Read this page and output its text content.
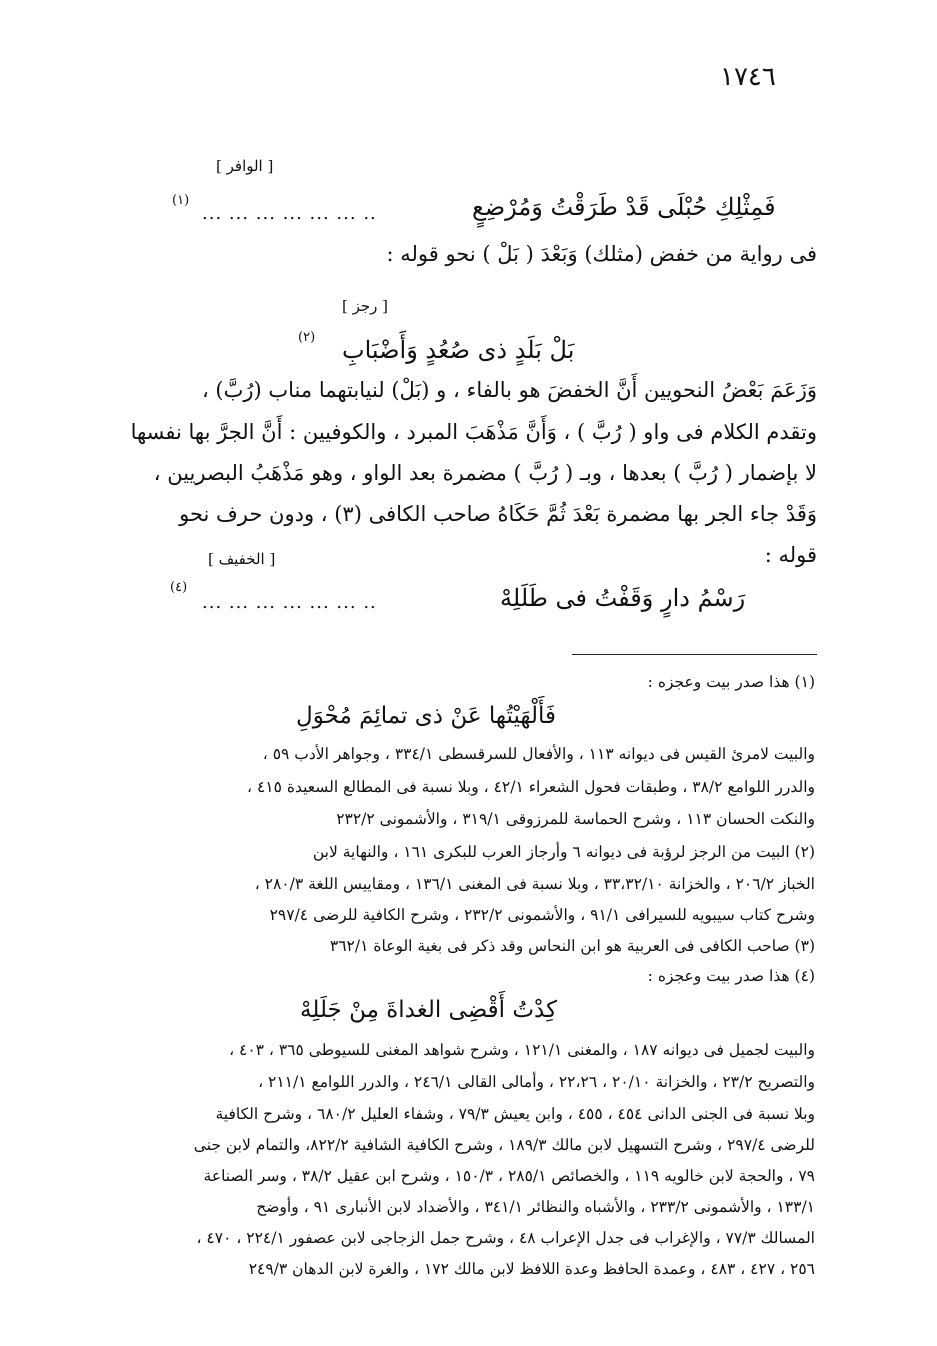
١٧٤٦
[ الوافر ]
فَمِثْلِكِ حُبْلَى قَدْ طَرَقْتُ وَمُرْضِعٍ
... ... ... ... ... ... ..
(١)
فى رواية من خفض (مثلك) وَبَعْدَ ( بَلْ ) نحو قوله :
[ رجز ]
بَلْ بَلَدٍ ذى صُعُدٍ وَأَضْبَابِ
(٢)
وَزَعَمَ بَعْضُ النحويين أَنَّ الخفضَ هو بالفاء ، و (بَلْ) لنيابتهما مناب (رُبَّ) ،
وتقدم الكلام فى واو ( رُبَّ ) ، وَأَنَّ مَذْهَبَ المبرد ، والكوفيين : أَنَّ الجرَّ بها نفسها
لا بإضمار ( رُبَّ ) بعدها ، وبـ ( رُبَّ ) مضمرة بعد الواو ، وهو مَذْهَبُ البصريين ،
وَقَدْ جاء الجر بها مضمرة بَعْدَ ثُمَّ حَكَاهُ صاحب الكافى (٣) ، ودون حرف نحو
قوله :
[ الخفيف ]
رَسْمُ دارٍ وَقَفْتُ فى طَلَلِهْ
... ... ... ... ... ... ..
(٤)
(١) هذا صدر بيت وعجزه :
فَأَلْهَيْتُها عَنْ ذى تمائِمَ مُحْوَلِ
والبيت لامرئ القيس فى ديوانه ١١٣ ، والأفعال للسرقسطى ٣٣٤/١ ، وجواهر الأدب ٥٩ ،
والدرر اللوامع ٣٨/٢ ، وطبقات فحول الشعراء ٤٢/١ ، وبلا نسبة فى المطالع السعيدة ٤١٥ ،
والنكت الحسان ١١٣ ، وشرح الحماسة للمرزوقى ٣١٩/١ ، والأشمونى ٢٣٢/٢
(٢) البيت من الرجز لرؤبة فى ديوانه ٦ وأرجاز العرب للبكرى ١٦١ ، والنهاية لابن
الخباز ٢٠٦/٢ ، والخزانة ٣٣،٣٢/١٠ ، وبلا نسبة فى المغنى ١٣٦/١ ، ومقاييس اللغة ٢٨٠/٣ ،
وشرح كتاب سيبويه للسيرافى ٩١/١ ، والأشمونى ٢٣٢/٢ ، وشرح الكافية للرضى ٢٩٧/٤
(٣) صاحب الكافى فى العربية هو ابن النحاس وقد ذكر فى بغية الوعاة ٣٦٢/١
(٤) هذا صدر بيت وعجزه :
كِدْتُ أَقْضِى الغداةَ مِنْ جَلَلِهْ
والبيت لجميل فى ديوانه ١٨٧ ، والمغنى ١٢١/١ ، وشرح شواهد المغنى للسيوطى ٣٦٥ ، ٤٠٣ ،
والتصريح ٢٣/٢ ، والخزانة ٢٠/١٠ ، ٢٢،٢٦ ، وأمالى القالى ٢٤٦/١ ، والدرر اللوامع ٢١١/١ ،
وبلا نسبة فى الجنى الدانى ٤٥٤ ، ٤٥٥ ، وابن يعيش ٧٩/٣ ، وشفاء العليل ٦٨٠/٢ ، وشرح الكافية
للرضى ٢٩٧/٤ ، وشرح التسهيل لابن مالك ١٨٩/٣ ، وشرح الكافية الشافية ٨٢٢/٢، والتمام لابن جنى
٧٩ ، والحجة لابن خالويه ١١٩ ، والخصائص ٢٨٥/١ ، ١٥٠/٣ ، وشرح ابن عقيل ٣٨/٢ ، وسر الصناعة
١٣٣/١ ، والأشمونى ٢٣٣/٢ ، والأشباه والنظائر ٣٤١/١ ، والأضداد لابن الأنبارى ٩١ ، وأوضح
المسالك ٧٧/٣ ، والإغراب فى جدل الإعراب ٤٨ ، وشرح جمل الزجاجى لابن عصفور ٢٢٤/١ ، ٤٧٠ ،
٢٥٦ ، ٤٢٧ ، ٤٨٣ ، وعمدة الحافظ وعدة اللافظ لابن مالك ١٧٢ ، والغرة لابن الدهان ٢٤٩/٣
